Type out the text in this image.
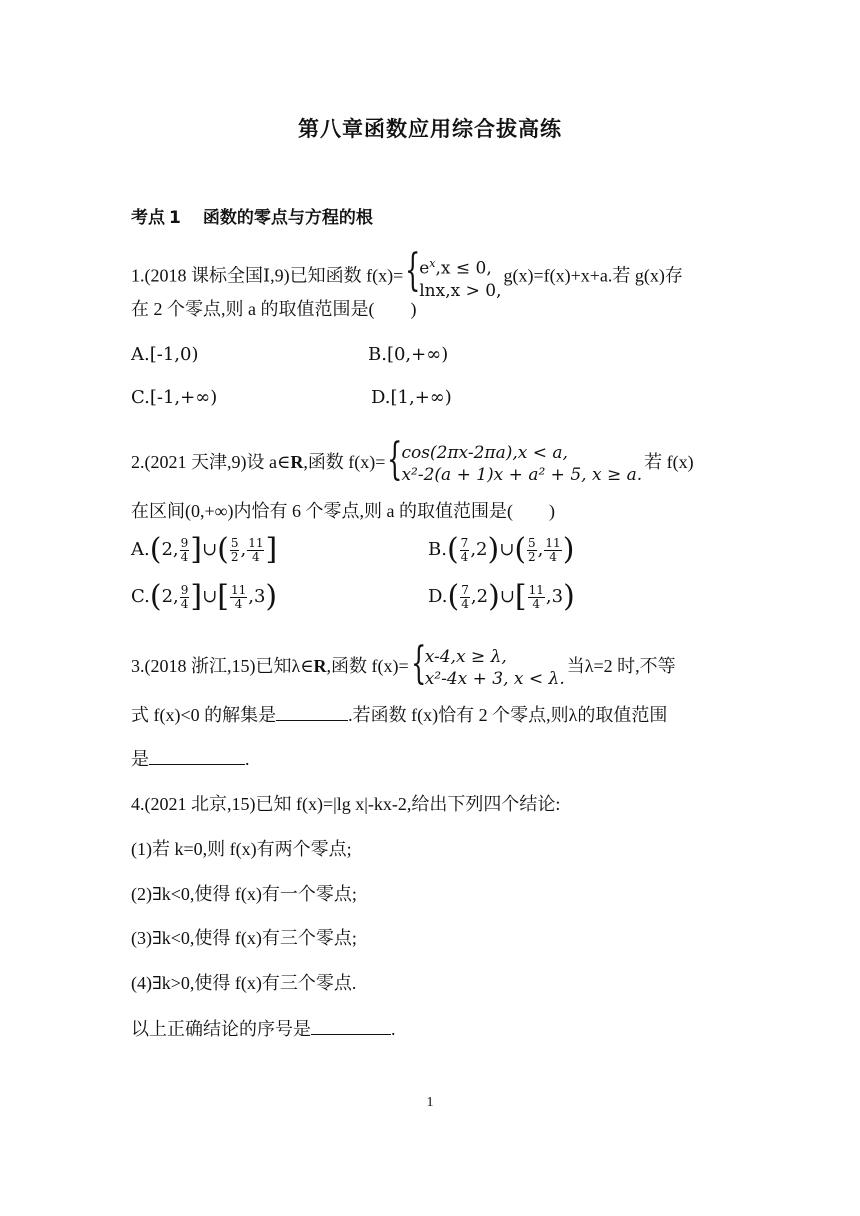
第八章函数应用综合拔高练
考点 1 函数的零点与方程的根
1.(2018 课标全国Ⅰ,9)已知函数 f(x)= {
$e^x,x \le 0$,
lnx,x > 0,
g(x)=f(x)+x+a.若 g(x)存
在 2 个零点,则 a 的取值范围是(　　)
A.[-1,0)	B.[0,+∞)
C.[-1,+∞)	D.[1,+∞)
2.(2021 天津,9)设 a∈R,函数 f(x)= {
cos(2πx-2πa),x < a,
x²-2(a + 1)x + a² + 5, x ≥ a.
若 f(x)
在区间(0,+∞)内恰有 6 个零点,则 a 的取值范围是(　　)
A.(2, $\frac{9}{4}$ ]∪( $\frac{5}{2}$ , $\frac{11}{4}$ ]	$B.( \frac{7}{4}$ ,2)∪( $\frac{5}{2}$ , $\frac{11}{4}$ )
C.(2, $\frac{9}{4}$ ]∪[ $\frac{11}{4} ,3$)	$D.( \frac{7}{4}$ ,2)∪[ $\frac{11}{4} ,3$)
3.(2018 浙江,15)已知λ∈R,函数 f(x)= {
x-4,x ≥ λ,
x²-4x + 3, x < λ.
当λ=2 时,不等
式 f(x)<0 的解集是	.若函数 f(x)恰有 2 个零点,则λ的取值范围
是	.
4.(2021 北京,15)已知 f(x)=|lg x|-kx-2,给出下列四个结论:
(1)若 k=0,则 f(x)有两个零点;
(2)∃k<0,使得 f(x)有一个零点;
(3)∃k<0,使得 f(x)有三个零点;
(4)∃k>0,使得 f(x)有三个零点.
以上正确结论的序号是	.
1
